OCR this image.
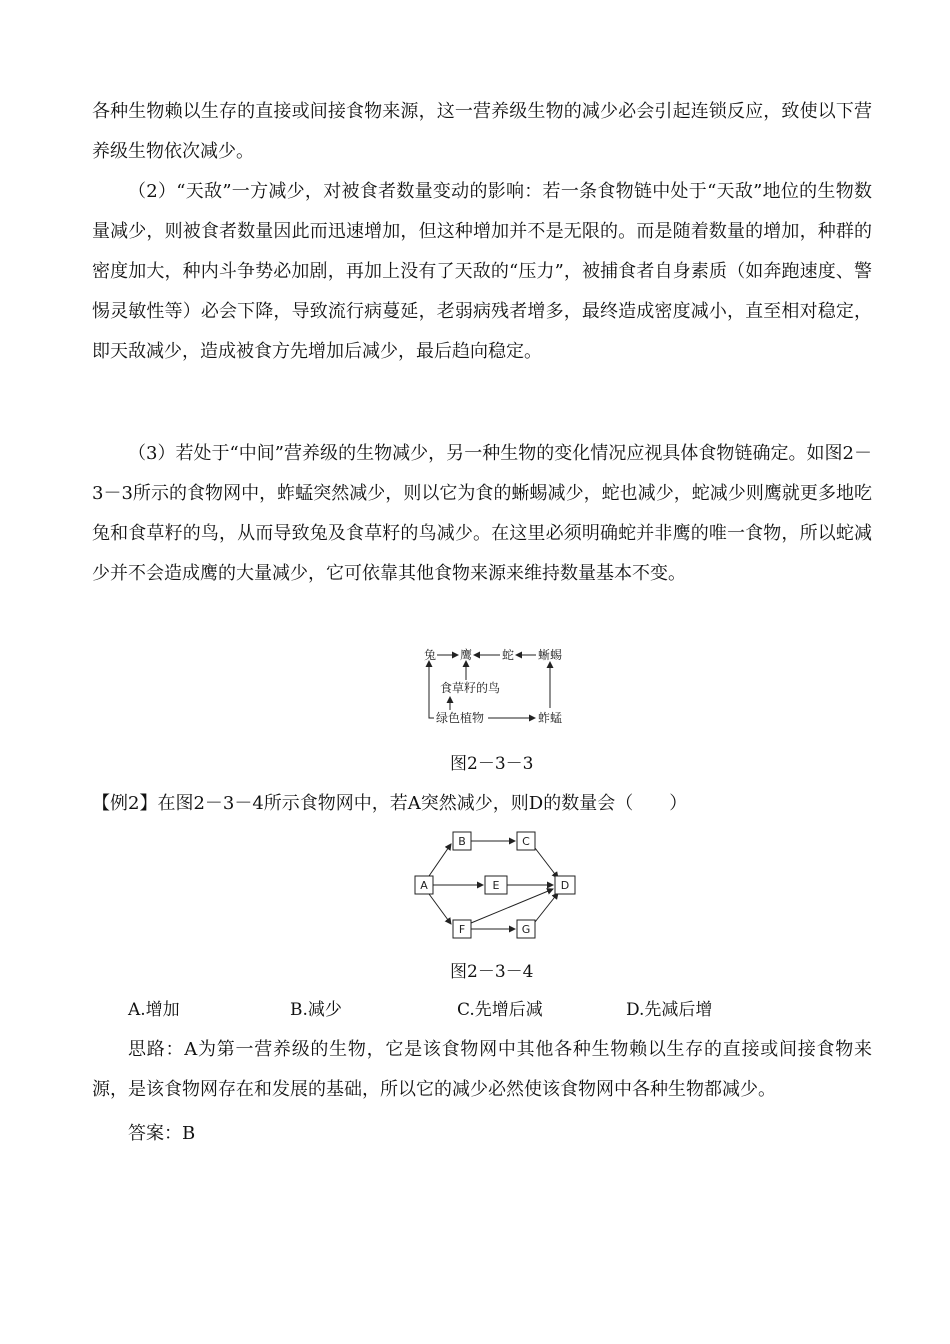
各种生物赖以生存的直接或间接食物来源，这一营养级生物的减少必会引起连锁反应，致使以下营养级生物依次减少。
（2）“天敌”一方减少，对被食者数量变动的影响：若一条食物链中处于“天敌”地位的生物数量减少，则被食者数量因此而迅速增加，但这种增加并不是无限的。而是随着数量的增加，种群的密度加大，种内斗争势必加剧，再加上没有了天敌的“压力”，被捕食者自身素质（如奔跑速度、警惕灵敏性等）必会下降，导致流行病蔓延，老弱病残者增多，最终造成密度减小，直至相对稳定，即天敌减少，造成被食方先增加后减少，最后趋向稳定。
（3）若处于“中间”营养级的生物减少，另一种生物的变化情况应视具体食物链确定。如图2－3－3所示的食物网中，蚱蜢突然减少，则以它为食的蜥蜴减少，蛇也减少，蛇减少则鹰就更多地吃兔和食草籽的鸟，从而导致兔及食草籽的鸟减少。在这里必须明确蛇并非鹰的唯一食物，所以蛇减少并不会造成鹰的大量减少，它可依靠其他食物来源来维持数量基本不变。
兔 鹰 蛇 蜥蜴
食草籽的鸟
绿色植物	蚱蜢
图2－3－3
【例2】在图2－3－4所示食物网中，若A突然减少，则D的数量会（　　）
A
B	C
E	D
F	G
图2－3－4
A.增加	B.减少	C.先增后减	D.先减后增
思路：A为第一营养级的生物，它是该食物网中其他各种生物赖以生存的直接或间接食物来源，是该食物网存在和发展的基础，所以它的减少必然使该食物网中各种生物都减少。
答案：B
